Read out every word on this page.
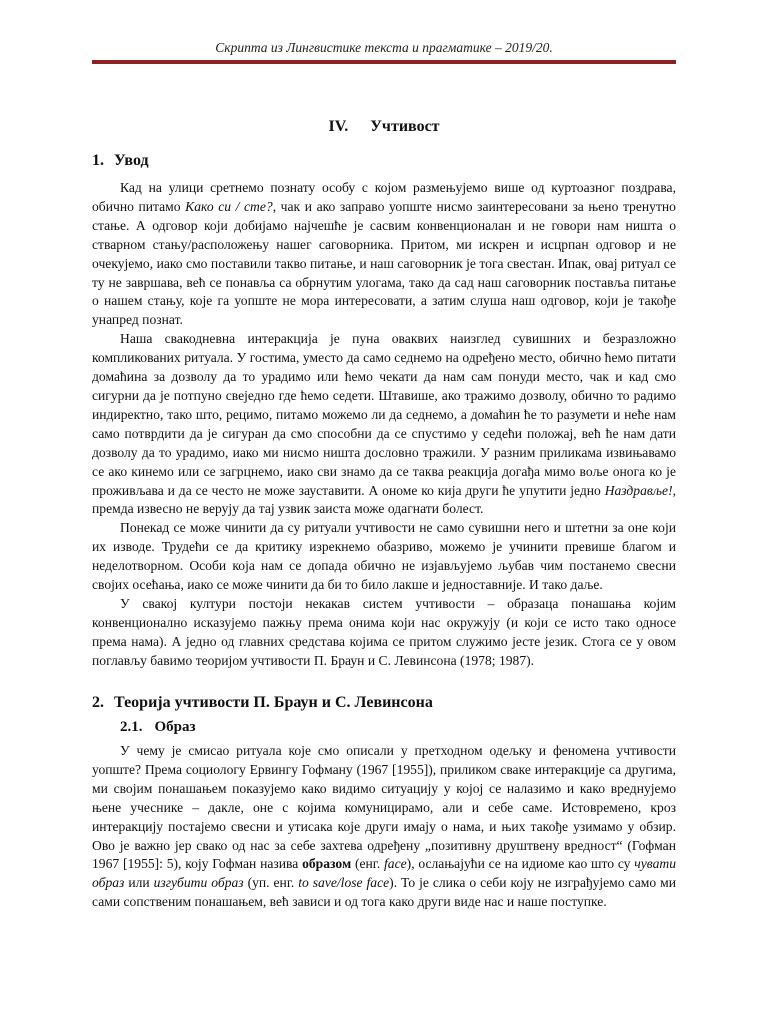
Скрипта из Лингвистике текста и прагматике – 2019/20.
IV. Учтивост
1. Увод

Кад на улици сретнемо познату особу с којом размењујемо више од куртоазног поздрава, обично питамо Како си / сте?, чак и ако заправо уопште нисмо заинтересовани за њено тренутно стање. А одговор који добијамо најчешће је сасвим конвенционалан и не говори нам ништа о стварном стању/расположењу нашег саговорника. Притом, ми искрен и исцрпан одговор и не очекујемо, иако смо поставили такво питање, и наш саговорник је тога свестан. Ипак, овај ритуал се ту не завршава, већ се понавља са обрнутим улогама, тако да сад наш саговорник поставља питање о нашем стању, које га уопште не мора интересовати, а затим слуша наш одговор, који је такође унапред познат.

Наша свакодневна интеракција је пуна оваквих наизглед сувишних и безразложно компликованих ритуала. У гостима, уместо да само седнемо на одређено место, обично ћемо питати домаћина за дозволу да то урадимо или ћемо чекати да нам сам понуди место, чак и кад смо сигурни да је потпуно свеједно где ћемо седети. Штавише, ако тражимо дозволу, обично то радимо индиректно, тако што, рецимо, питамо можемо ли да седнемо, а домаћин ће то разумети и неће нам само потврдити да је сигуран да смо способни да се спустимо у седећи положај, већ ће нам дати дозволу да то урадимо, иако ми нисмо ништа дословно тражили. У разним приликама извињавамо се ако кинемо или се загрцнемо, иако сви знамо да се таква реакција догађа мимо воље онога ко је проживљава и да се често не може зауставити. А ономе ко кија други ће упутити једно Наздравље!, премда извесно не верују да тај узвик заиста може одагнати болест.

Понекад се може чинити да су ритуали учтивости не само сувишни него и штетни за оне који их изводе. Трудећи се да критику изрекнемо обазриво, можемо је учинити превише благом и неделотворном. Особи која нам се допада обично не изјављујемо љубав чим постанемо свесни својих осећања, иако се може чинити да би то било лакше и једноставније. И тако даље.

У свакој култури постоји некакав систем учтивости – образаца понашања којим конвенционално исказујемо пажњу према онима који нас окружују (и који се исто тако односе према нама). А једно од главних средстава којима се притом служимо јесте језик. Стога се у овом поглављу бавимо теоријом учтивости П. Браун и С. Левинсона (1978; 1987).

2. Теорија учтивости П. Браун и С. Левинсона
2.1. Образ

У чему је смисао ритуала које смо описали у претходном одељку и феномена учтивости уопште? Према социологу Ервингу Гофману (1967 [1955]), приликом сваке интеракције са другима, ми својим понашањем показујемо како видимо ситуацију у којој се налазимо и како вреднујемо њене учеснике – дакле, оне с којима комуницирамо, али и себе саме. Истовремено, кроз интеракцију постајемо свесни и утисака које други имају о нама, и њих такође узимамо у обзир. Ово је важно јер свако од нас за себе захтева одређену „позитивну друштвену вредност“ (Гофман 1967 [1955]: 5), коју Гофман назива образом (енг. face), ослањајући се на идиоме као што су чувати образ или изгубити образ (уп. енг. to save/lose face). То је слика о себи коју не изграђујемо само ми сами сопственим понашањем, већ зависи и од тога како други виде нас и наше поступке.
